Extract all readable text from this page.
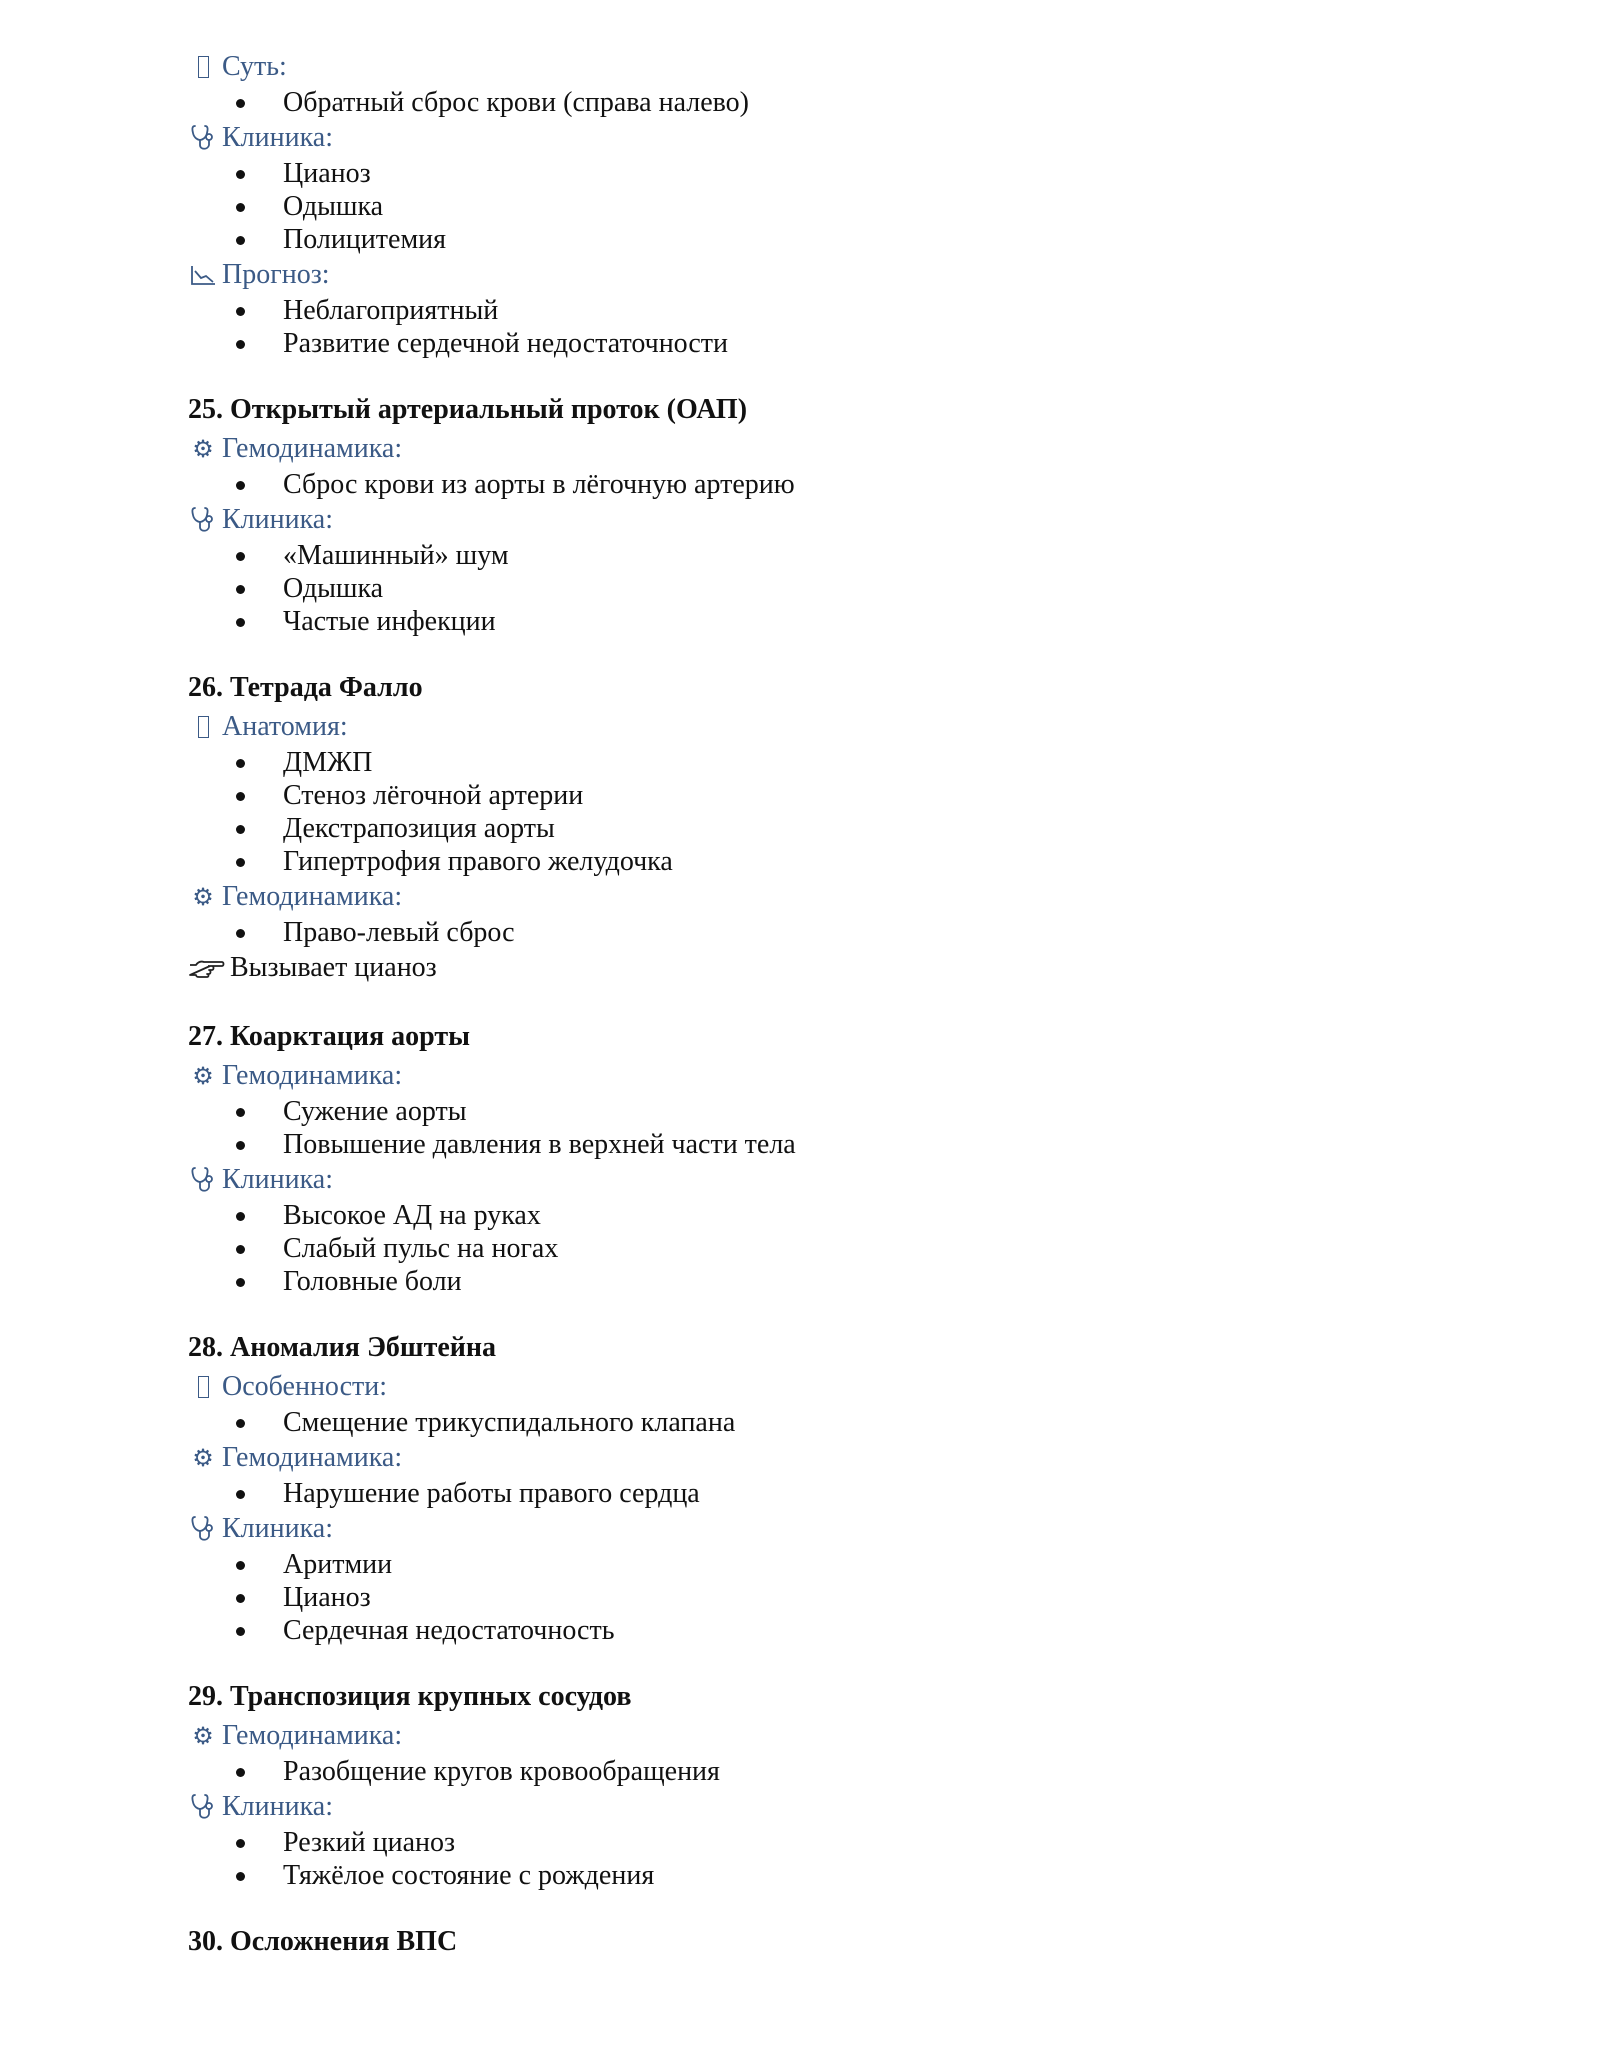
Суть:
Обратный сброс крови (справа налево)
Клиника:
Цианоз
Одышка
Полицитемия
Прогноз:
Неблагоприятный
Развитие сердечной недостаточности
25. Открытый артериальный проток (ОАП)
⚙ Гемодинамика:
Сброс крови из аорты в лёгочную артерию
Клиника:
«Машинный» шум
Одышка
Частые инфекции
26. Тетрада Фалло
Анатомия:
ДМЖП
Стеноз лёгочной артерии
Декстрапозиция аорты
Гипертрофия правого желудочка
⚙ Гемодинамика:
Право-левый сброс
Вызывает цианоз
27. Коарктация аорты
⚙ Гемодинамика:
Сужение аорты
Повышение давления в верхней части тела
Клиника:
Высокое АД на руках
Слабый пульс на ногах
Головные боли
28. Аномалия Эбштейна
Особенности:
Смещение трикуспидального клапана
⚙ Гемодинамика:
Нарушение работы правого сердца
Клиника:
Аритмии
Цианоз
Сердечная недостаточность
29. Транспозиция крупных сосудов
⚙ Гемодинамика:
Разобщение кругов кровообращения
Клиника:
Резкий цианоз
Тяжёлое состояние с рождения
30. Осложнения ВПС
